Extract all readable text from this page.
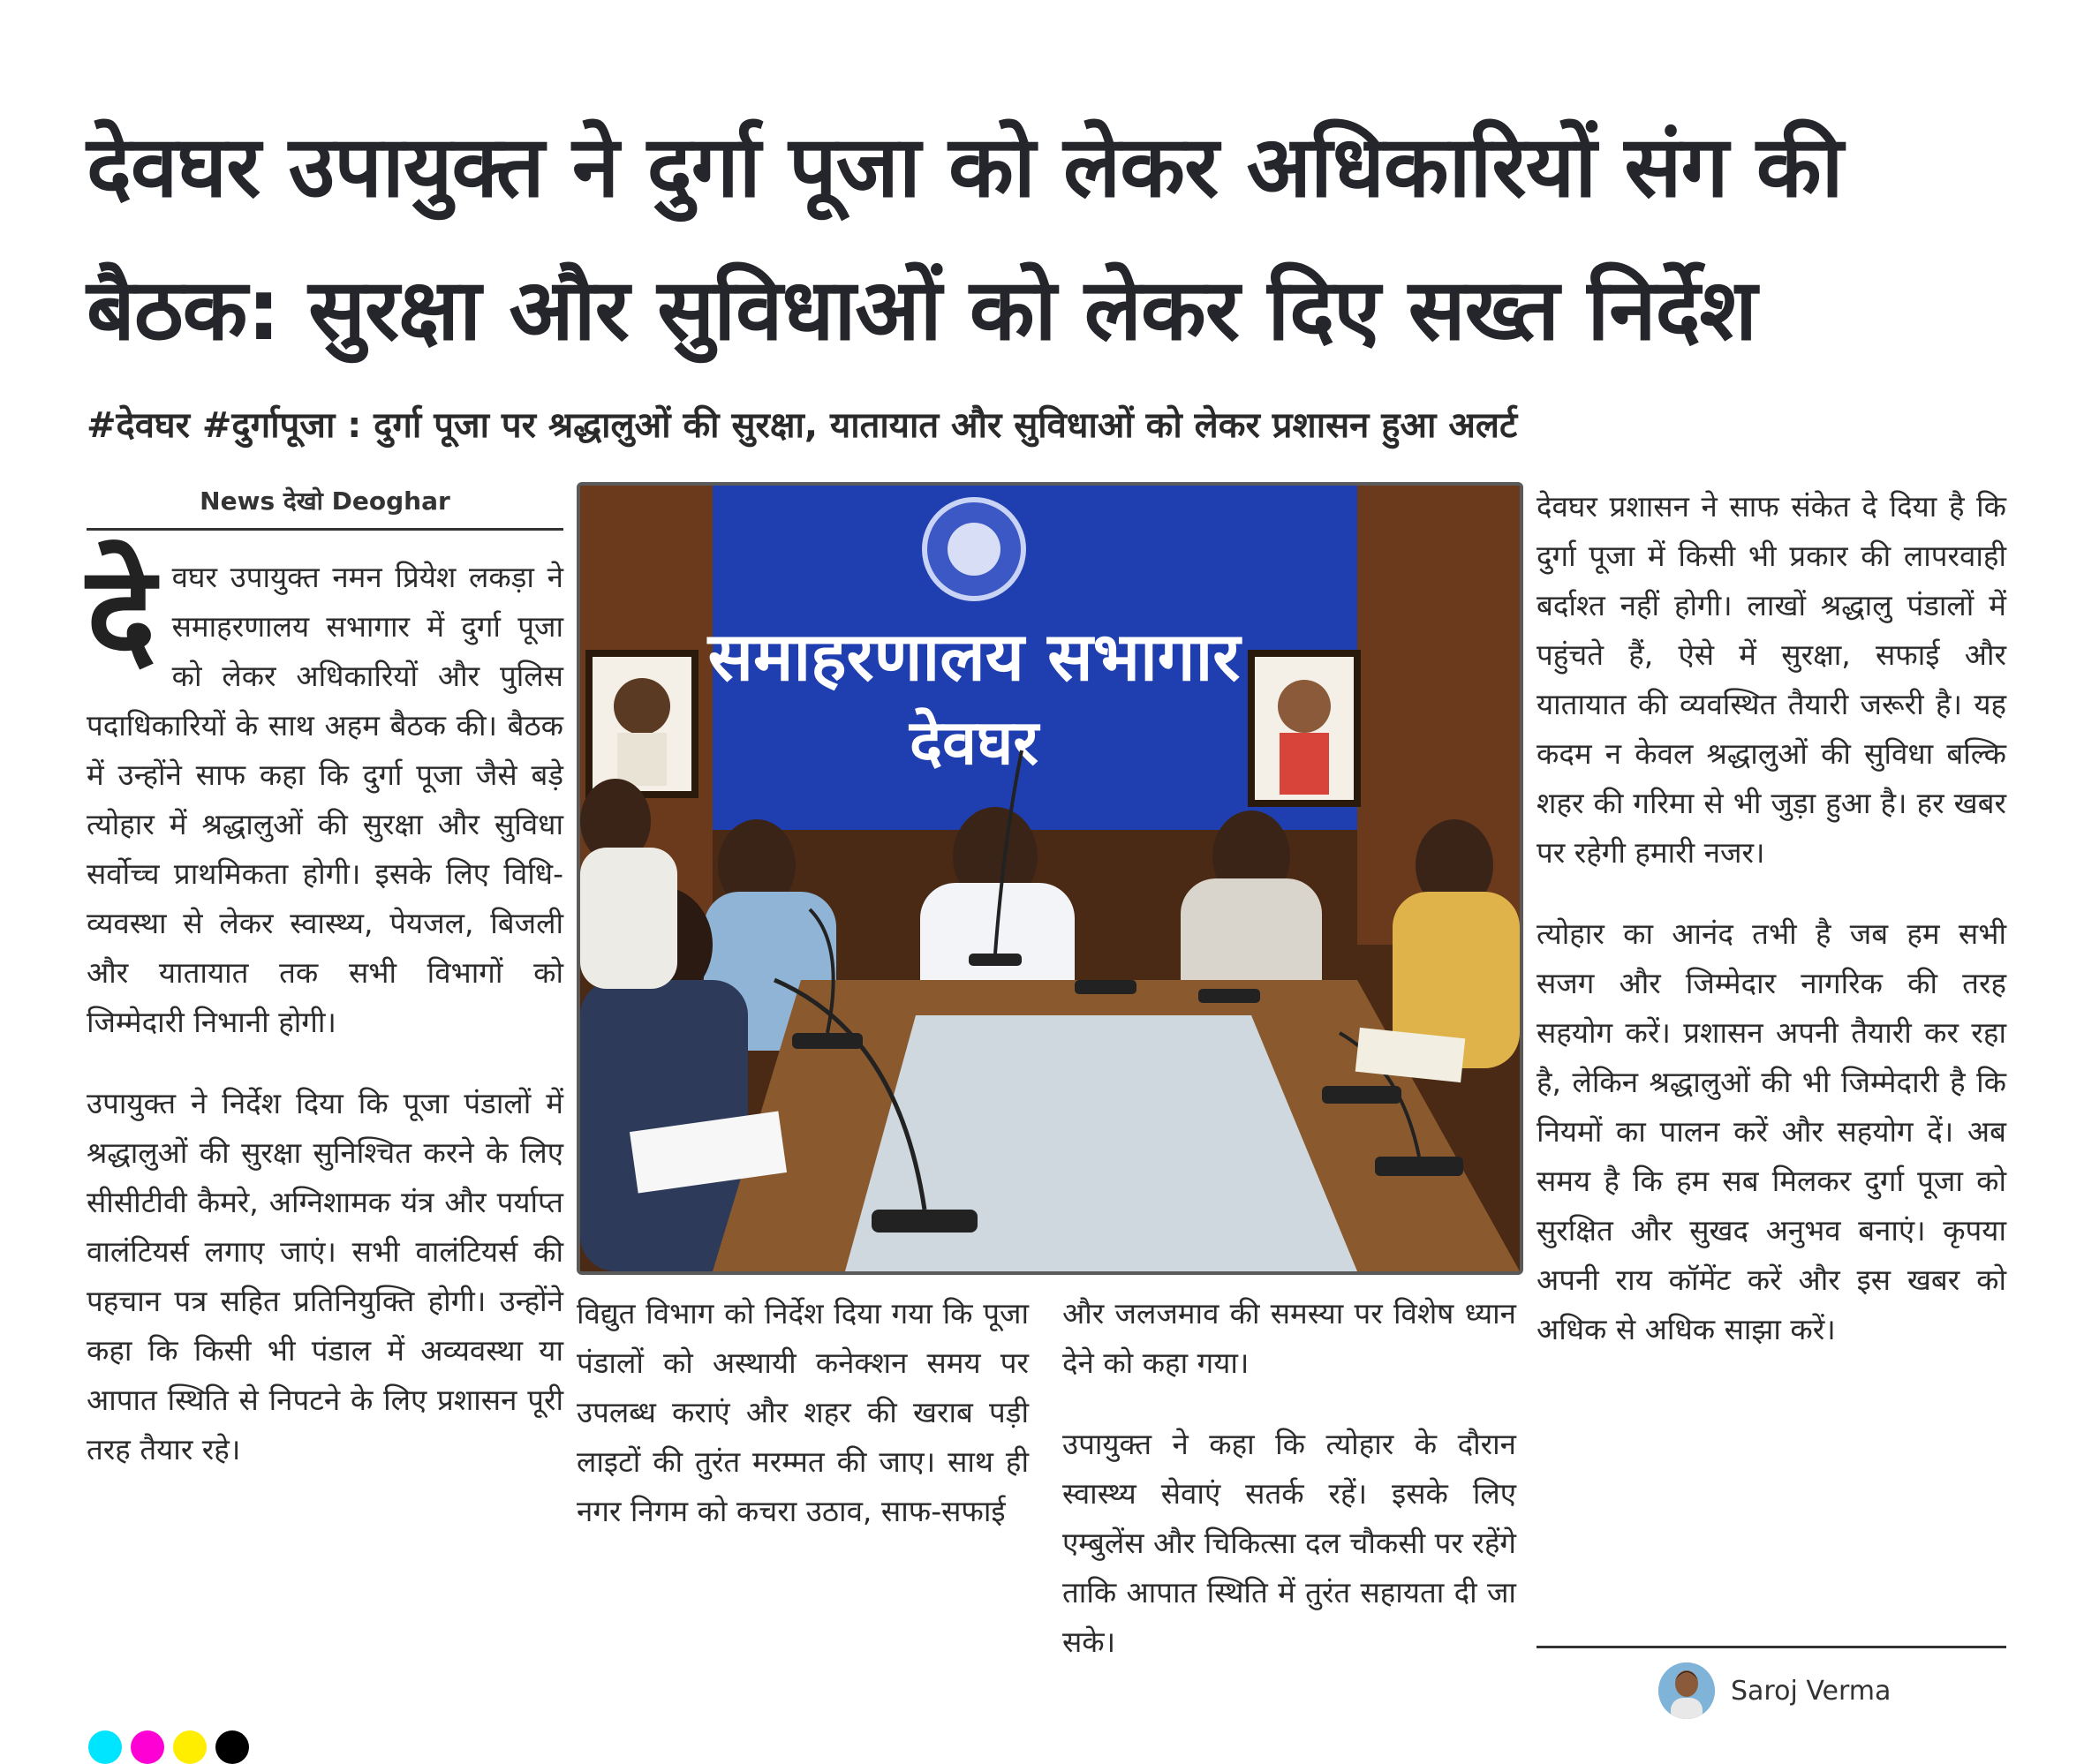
देवघर उपायुक्त ने दुर्गा पूजा को लेकर अधिकारियों संग की बैठक: सुरक्षा और सुविधाओं को लेकर दिए सख्त निर्देश
#देवघर #दुर्गापूजा : दुर्गा पूजा पर श्रद्धालुओं की सुरक्षा, यातायात और सुविधाओं को लेकर प्रशासन हुआ अलर्ट
News देखो Deoghar

देवघर उपायुक्त नमन प्रियेश लकड़ा ने समाहरणालय सभागार में दुर्गा पूजा को लेकर अधिकारियों और पुलिस पदाधिकारियों के साथ अहम बैठक की। बैठक में उन्होंने साफ कहा कि दुर्गा पूजा जैसे बड़े त्योहार में श्रद्धालुओं की सुरक्षा और सुविधा सर्वोच्च प्राथमिकता होगी। इसके लिए विधि-व्यवस्था से लेकर स्वास्थ्य, पेयजल, बिजली और यातायात तक सभी विभागों को जिम्मेदारी निभानी होगी।

उपायुक्त ने निर्देश दिया कि पूजा पंडालों में श्रद्धालुओं की सुरक्षा सुनिश्चित करने के लिए सीसीटीवी कैमरे, अग्निशामक यंत्र और पर्याप्त वालंटियर्स लगाए जाएं। सभी वालंटियर्स की पहचान पत्र सहित प्रतिनियुक्ति होगी। उन्होंने कहा कि किसी भी पंडाल में अव्यवस्था या आपात स्थिति से निपटने के लिए प्रशासन पूरी तरह तैयार रहे।

समाहरणालय सभागार
देवघर

विद्युत विभाग को निर्देश दिया गया कि पूजा पंडालों को अस्थायी कनेक्शन समय पर उपलब्ध कराएं और शहर की खराब पड़ी लाइटों की तुरंत मरम्मत की जाए। साथ ही नगर निगम को कचरा उठाव, साफ-सफाई

और जलजमाव की समस्या पर विशेष ध्यान देने को कहा गया।

उपायुक्त ने कहा कि त्योहार के दौरान स्वास्थ्य सेवाएं सतर्क रहें। इसके लिए एम्बुलेंस और चिकित्सा दल चौकसी पर रहेंगे ताकि आपात स्थिति में तुरंत सहायता दी जा सके।

देवघर प्रशासन ने साफ संकेत दे दिया है कि दुर्गा पूजा में किसी भी प्रकार की लापरवाही बर्दाश्त नहीं होगी। लाखों श्रद्धालु पंडालों में पहुंचते हैं, ऐसे में सुरक्षा, सफाई और यातायात की व्यवस्थित तैयारी जरूरी है। यह कदम न केवल श्रद्धालुओं की सुविधा बल्कि शहर की गरिमा से भी जुड़ा हुआ है। हर खबर पर रहेगी हमारी नजर।

त्योहार का आनंद तभी है जब हम सभी सजग और जिम्मेदार नागरिक की तरह सहयोग करें। प्रशासन अपनी तैयारी कर रहा है, लेकिन श्रद्धालुओं की भी जिम्मेदारी है कि नियमों का पालन करें और सहयोग दें। अब समय है कि हम सब मिलकर दुर्गा पूजा को सुरक्षित और सुखद अनुभव बनाएं। कृपया अपनी राय कॉमेंट करें और इस खबर को अधिक से अधिक साझा करें।

Saroj Verma
